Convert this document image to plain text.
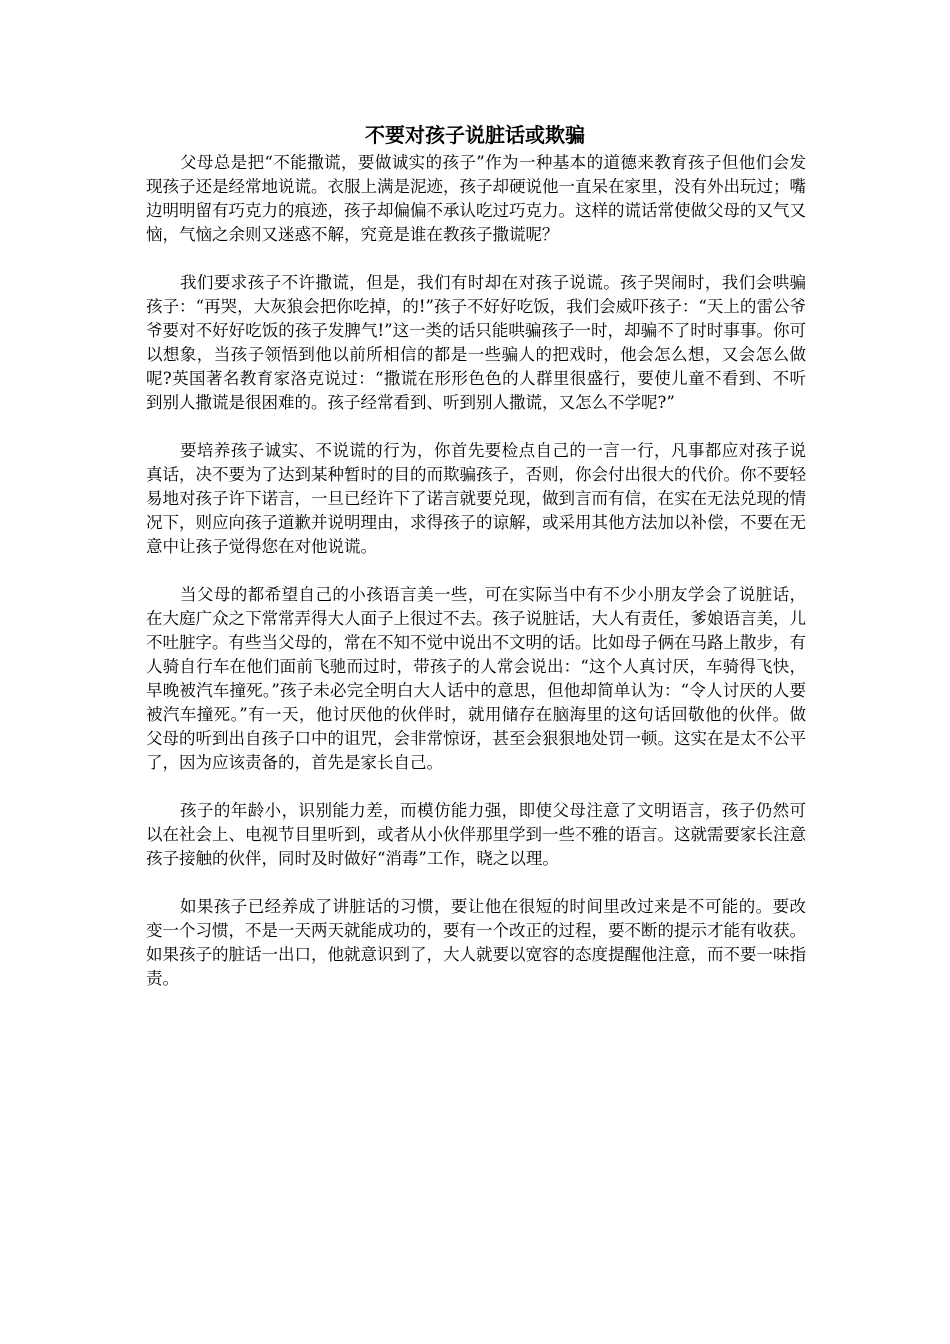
不要对孩子说脏话或欺骗

父母总是把“不能撒谎，要做诚实的孩子”作为一种基本的道德来教育孩子但他们会发现孩子还是经常地说谎。衣服上满是泥迹，孩子却硬说他一直呆在家里，没有外出玩过；嘴边明明留有巧克力的痕迹，孩子却偏偏不承认吃过巧克力。这样的谎话常使做父母的又气又恼，气恼之余则又迷惑不解，究竟是谁在教孩子撒谎呢？

我们要求孩子不许撒谎，但是，我们有时却在对孩子说谎。孩子哭闹时，我们会哄骗孩子：“再哭，大灰狼会把你吃掉，的!”孩子不好好吃饭，我们会威吓孩子：“天上的雷公爷爷要对不好好吃饭的孩子发脾气!”这一类的话只能哄骗孩子一时，却骗不了时时事事。你可以想象，当孩子领悟到他以前所相信的都是一些骗人的把戏时，他会怎么想，又会怎么做呢?英国著名教育家洛克说过：“撒谎在形形色色的人群里很盛行，要使儿童不看到、不听到别人撒谎是很困难的。孩子经常看到、听到别人撒谎，又怎么不学呢?”

要培养孩子诚实、不说谎的行为，你首先要检点自己的一言一行，凡事都应对孩子说真话，决不要为了达到某种暂时的目的而欺骗孩子，否则，你会付出很大的代价。你不要轻易地对孩子许下诺言，一旦已经许下了诺言就要兑现，做到言而有信，在实在无法兑现的情况下，则应向孩子道歉并说明理由，求得孩子的谅解，或采用其他方法加以补偿，不要在无意中让孩子觉得您在对他说谎。

当父母的都希望自己的小孩语言美一些，可在实际当中有不少小朋友学会了说脏话，在大庭广众之下常常弄得大人面子上很过不去。孩子说脏话，大人有责任，爹娘语言美，儿不吐脏字。有些当父母的，常在不知不觉中说出不文明的话。比如母子俩在马路上散步，有人骑自行车在他们面前飞驰而过时，带孩子的人常会说出：“这个人真讨厌，车骑得飞快，早晚被汽车撞死。”孩子未必完全明白大人话中的意思，但他却简单认为：“令人讨厌的人要被汽车撞死。”有一天，他讨厌他的伙伴时，就用储存在脑海里的这句话回敬他的伙伴。做父母的听到出自孩子口中的诅咒，会非常惊讶，甚至会狠狠地处罚一顿。这实在是太不公平了，因为应该责备的，首先是家长自己。

孩子的年龄小，识别能力差，而模仿能力强，即使父母注意了文明语言，孩子仍然可以在社会上、电视节目里听到，或者从小伙伴那里学到一些不雅的语言。这就需要家长注意孩子接触的伙伴，同时及时做好“消毒”工作，晓之以理。

如果孩子已经养成了讲脏话的习惯，要让他在很短的时间里改过来是不可能的。要改变一个习惯，不是一天两天就能成功的，要有一个改正的过程，要不断的提示才能有收获。如果孩子的脏话一出口，他就意识到了，大人就要以宽容的态度提醒他注意，而不要一味指责。
